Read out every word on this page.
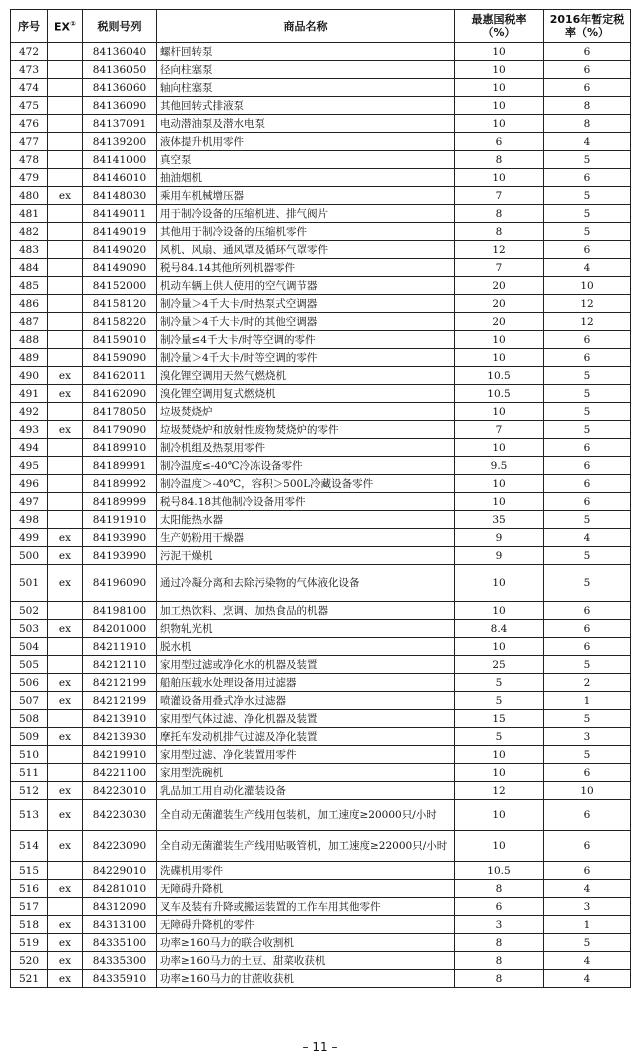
序号	EX①	税则号列	商品名称	最惠国税率（%）	2016年暂定税率（%）
472		84136040	螺杆回转泵	10	6
473		84136050	径向柱塞泵	10	6
474		84136060	轴向柱塞泵	10	6
475		84136090	其他回转式排液泵	10	8
476		84137091	电动潜油泵及潜水电泵	10	8
477		84139200	液体提升机用零件	6	4
478		84141000	真空泵	8	5
479		84146010	抽油烟机	10	6
480	ex	84148030	乘用车机械增压器	7	5
481		84149011	用于制冷设备的压缩机进、排气阀片	8	5
482		84149019	其他用于制冷设备的压缩机零件	8	5
483		84149020	风机、风扇、通风罩及循环气罩零件	12	6
484		84149090	税号84.14其他所列机器零件	7	4
485		84152000	机动车辆上供人使用的空气调节器	20	10
486		84158120	制冷量＞4千大卡/时热泵式空调器	20	12
487		84158220	制冷量＞4千大卡/时的其他空调器	20	12
488		84159010	制冷量≤4千大卡/时等空调的零件	10	6
489		84159090	制冷量＞4千大卡/时等空调的零件	10	6
490	ex	84162011	溴化锂空调用天然气燃烧机	10.5	5
491	ex	84162090	溴化锂空调用复式燃烧机	10.5	5
492		84178050	垃圾焚烧炉	10	5
493	ex	84179090	垃圾焚烧炉和放射性废物焚烧炉的零件	7	5
494		84189910	制冷机组及热泵用零件	10	6
495		84189991	制冷温度≤-40℃冷冻设备零件	9.5	6
496		84189992	制冷温度＞-40℃，容积＞500L冷藏设备零件	10	6
497		84189999	税号84.18其他制冷设备用零件	10	6
498		84191910	太阳能热水器	35	5
499	ex	84193990	生产奶粉用干燥器	9	4
500	ex	84193990	污泥干燥机	9	5
501	ex	84196090	通过冷凝分离和去除污染物的气体液化设备	10	5
502		84198100	加工热饮料、烹调、加热食品的机器	10	6
503	ex	84201000	织物轧光机	8.4	6
504		84211910	脱水机	10	6
505		84212110	家用型过滤或净化水的机器及装置	25	5
506	ex	84212199	船舶压载水处理设备用过滤器	5	2
507	ex	84212199	喷灌设备用叠式净水过滤器	5	1
508		84213910	家用型气体过滤、净化机器及装置	15	5
509	ex	84213930	摩托车发动机排气过滤及净化装置	5	3
510		84219910	家用型过滤、净化装置用零件	10	5
511		84221100	家用型洗碗机	10	6
512	ex	84223010	乳品加工用自动化灌装设备	12	10
513	ex	84223030	全自动无菌灌装生产线用包装机，加工速度≥20000只/小时	10	6
514	ex	84223090	全自动无菌灌装生产线用贴吸管机，加工速度≥22000只/小时	10	6
515		84229010	洗碟机用零件	10.5	6
516	ex	84281010	无障碍升降机	8	4
517		84312090	叉车及装有升降或搬运装置的工作车用其他零件	6	3
518	ex	84313100	无障碍升降机的零件	3	1
519	ex	84335100	功率≥160马力的联合收割机	8	5
520	ex	84335300	功率≥160马力的土豆、甜菜收获机	8	4
521	ex	84335910	功率≥160马力的甘蔗收获机	8	4
– 11 –
